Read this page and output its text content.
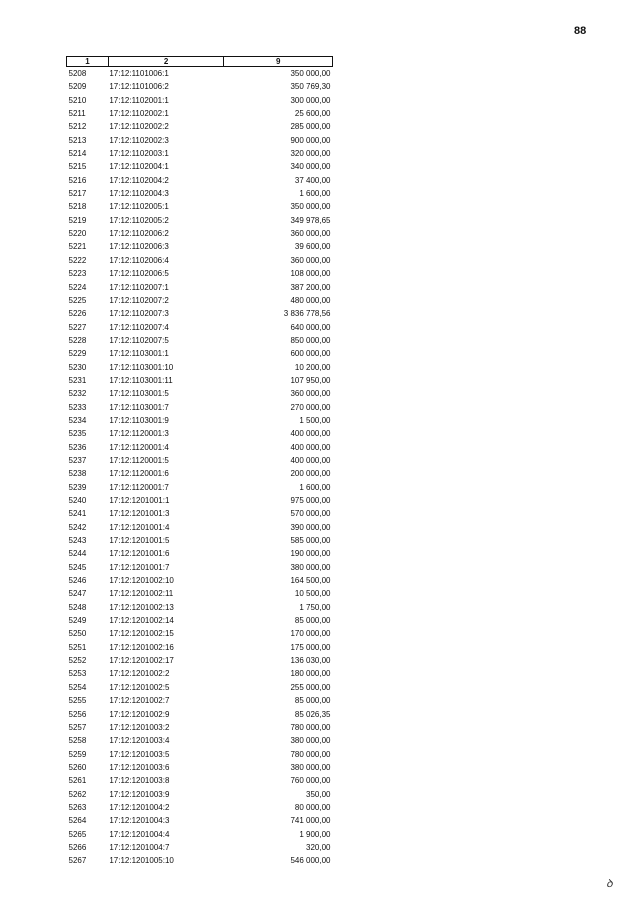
88
1	2	9
5208	17:12:1101006:1	350 000,00
5209	17:12:1101006:2	350 769,30
5210	17:12:1102001:1	300 000,00
5211	17:12:1102002:1	25 600,00
5212	17:12:1102002:2	285 000,00
5213	17:12:1102002:3	900 000,00
5214	17:12:1102003:1	320 000,00
5215	17:12:1102004:1	340 000,00
5216	17:12:1102004:2	37 400,00
5217	17:12:1102004:3	1 600,00
5218	17:12:1102005:1	350 000,00
5219	17:12:1102005:2	349 978,65
5220	17:12:1102006:2	360 000,00
5221	17:12:1102006:3	39 600,00
5222	17:12:1102006:4	360 000,00
5223	17:12:1102006:5	108 000,00
5224	17:12:1102007:1	387 200,00
5225	17:12:1102007:2	480 000,00
5226	17:12:1102007:3	3 836 778,56
5227	17:12:1102007:4	640 000,00
5228	17:12:1102007:5	850 000,00
5229	17:12:1103001:1	600 000,00
5230	17:12:1103001:10	10 200,00
5231	17:12:1103001:11	107 950,00
5232	17:12:1103001:5	360 000,00
5233	17:12:1103001:7	270 000,00
5234	17:12:1103001:9	1 500,00
5235	17:12:1120001:3	400 000,00
5236	17:12:1120001:4	400 000,00
5237	17:12:1120001:5	400 000,00
5238	17:12:1120001:6	200 000,00
5239	17:12:1120001:7	1 600,00
5240	17:12:1201001:1	975 000,00
5241	17:12:1201001:3	570 000,00
5242	17:12:1201001:4	390 000,00
5243	17:12:1201001:5	585 000,00
5244	17:12:1201001:6	190 000,00
5245	17:12:1201001:7	380 000,00
5246	17:12:1201002:10	164 500,00
5247	17:12:1201002:11	10 500,00
5248	17:12:1201002:13	1 750,00
5249	17:12:1201002:14	85 000,00
5250	17:12:1201002:15	170 000,00
5251	17:12:1201002:16	175 000,00
5252	17:12:1201002:17	136 030,00
5253	17:12:1201002:2	180 000,00
5254	17:12:1201002:5	255 000,00
5255	17:12:1201002:7	85 000,00
5256	17:12:1201002:9	85 026,35
5257	17:12:1201003:2	780 000,00
5258	17:12:1201003:4	380 000,00
5259	17:12:1201003:5	780 000,00
5260	17:12:1201003:6	380 000,00
5261	17:12:1201003:8	760 000,00
5262	17:12:1201003:9	350,00
5263	17:12:1201004:2	80 000,00
5264	17:12:1201004:3	741 000,00
5265	17:12:1201004:4	1 900,00
5266	17:12:1201004:7	320,00
5267	17:12:1201005:10	546 000,00
ꝺ
